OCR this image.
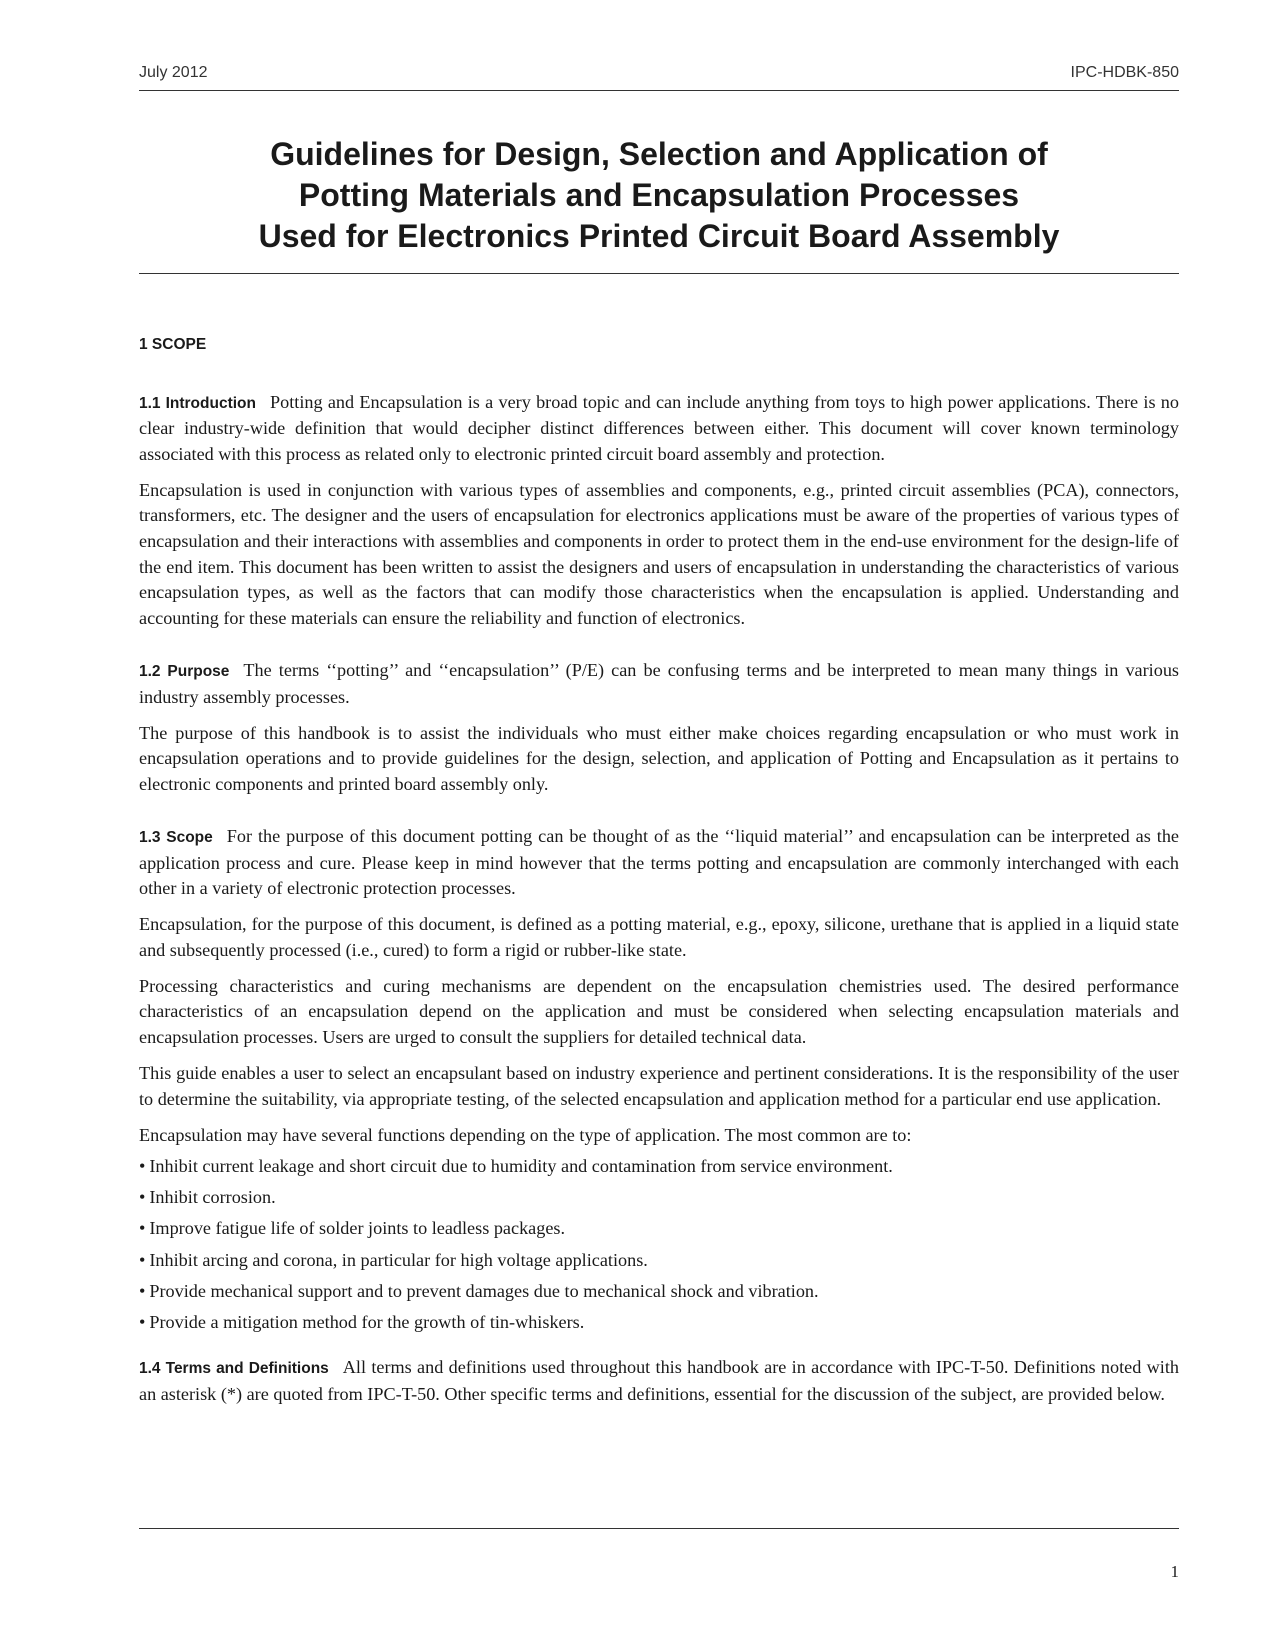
July 2012	IPC-HDBK-850
Guidelines for Design, Selection and Application of
Potting Materials and Encapsulation Processes
Used for Electronics Printed Circuit Board Assembly
1 SCOPE

1.1 Introduction Potting and Encapsulation is a very broad topic and can include anything from toys to high power applications. There is no clear industry-wide definition that would decipher distinct differences between either. This document will cover known terminology associated with this process as related only to electronic printed circuit board assembly and protection.

Encapsulation is used in conjunction with various types of assemblies and components, e.g., printed circuit assemblies (PCA), connectors, transformers, etc. The designer and the users of encapsulation for electronics applications must be aware of the properties of various types of encapsulation and their interactions with assemblies and components in order to protect them in the end-use environment for the design-life of the end item. This document has been written to assist the designers and users of encapsulation in understanding the characteristics of various encapsulation types, as well as the factors that can modify those characteristics when the encapsulation is applied. Understanding and accounting for these materials can ensure the reliability and function of electronics.

1.2 Purpose The terms ‘‘potting’’ and ‘‘encapsulation’’ (P/E) can be confusing terms and be interpreted to mean many things in various industry assembly processes.

The purpose of this handbook is to assist the individuals who must either make choices regarding encapsulation or who must work in encapsulation operations and to provide guidelines for the design, selection, and application of Potting and Encapsulation as it pertains to electronic components and printed board assembly only.

1.3 Scope For the purpose of this document potting can be thought of as the ‘‘liquid material’’ and encapsulation can be interpreted as the application process and cure. Please keep in mind however that the terms potting and encapsulation are commonly interchanged with each other in a variety of electronic protection processes.

Encapsulation, for the purpose of this document, is defined as a potting material, e.g., epoxy, silicone, urethane that is applied in a liquid state and subsequently processed (i.e., cured) to form a rigid or rubber-like state.

Processing characteristics and curing mechanisms are dependent on the encapsulation chemistries used. The desired performance characteristics of an encapsulation depend on the application and must be considered when selecting encapsulation materials and encapsulation processes. Users are urged to consult the suppliers for detailed technical data.

This guide enables a user to select an encapsulant based on industry experience and pertinent considerations. It is the responsibility of the user to determine the suitability, via appropriate testing, of the selected encapsulation and application method for a particular end use application.

Encapsulation may have several functions depending on the type of application. The most common are to:

• Inhibit current leakage and short circuit due to humidity and contamination from service environment.
• Inhibit corrosion.
• Improve fatigue life of solder joints to leadless packages.
• Inhibit arcing and corona, in particular for high voltage applications.
• Provide mechanical support and to prevent damages due to mechanical shock and vibration.
• Provide a mitigation method for the growth of tin-whiskers.

1.4 Terms and Definitions All terms and definitions used throughout this handbook are in accordance with IPC-T-50. Definitions noted with an asterisk (*) are quoted from IPC-T-50. Other specific terms and definitions, essential for the discussion of the subject, are provided below.

1
